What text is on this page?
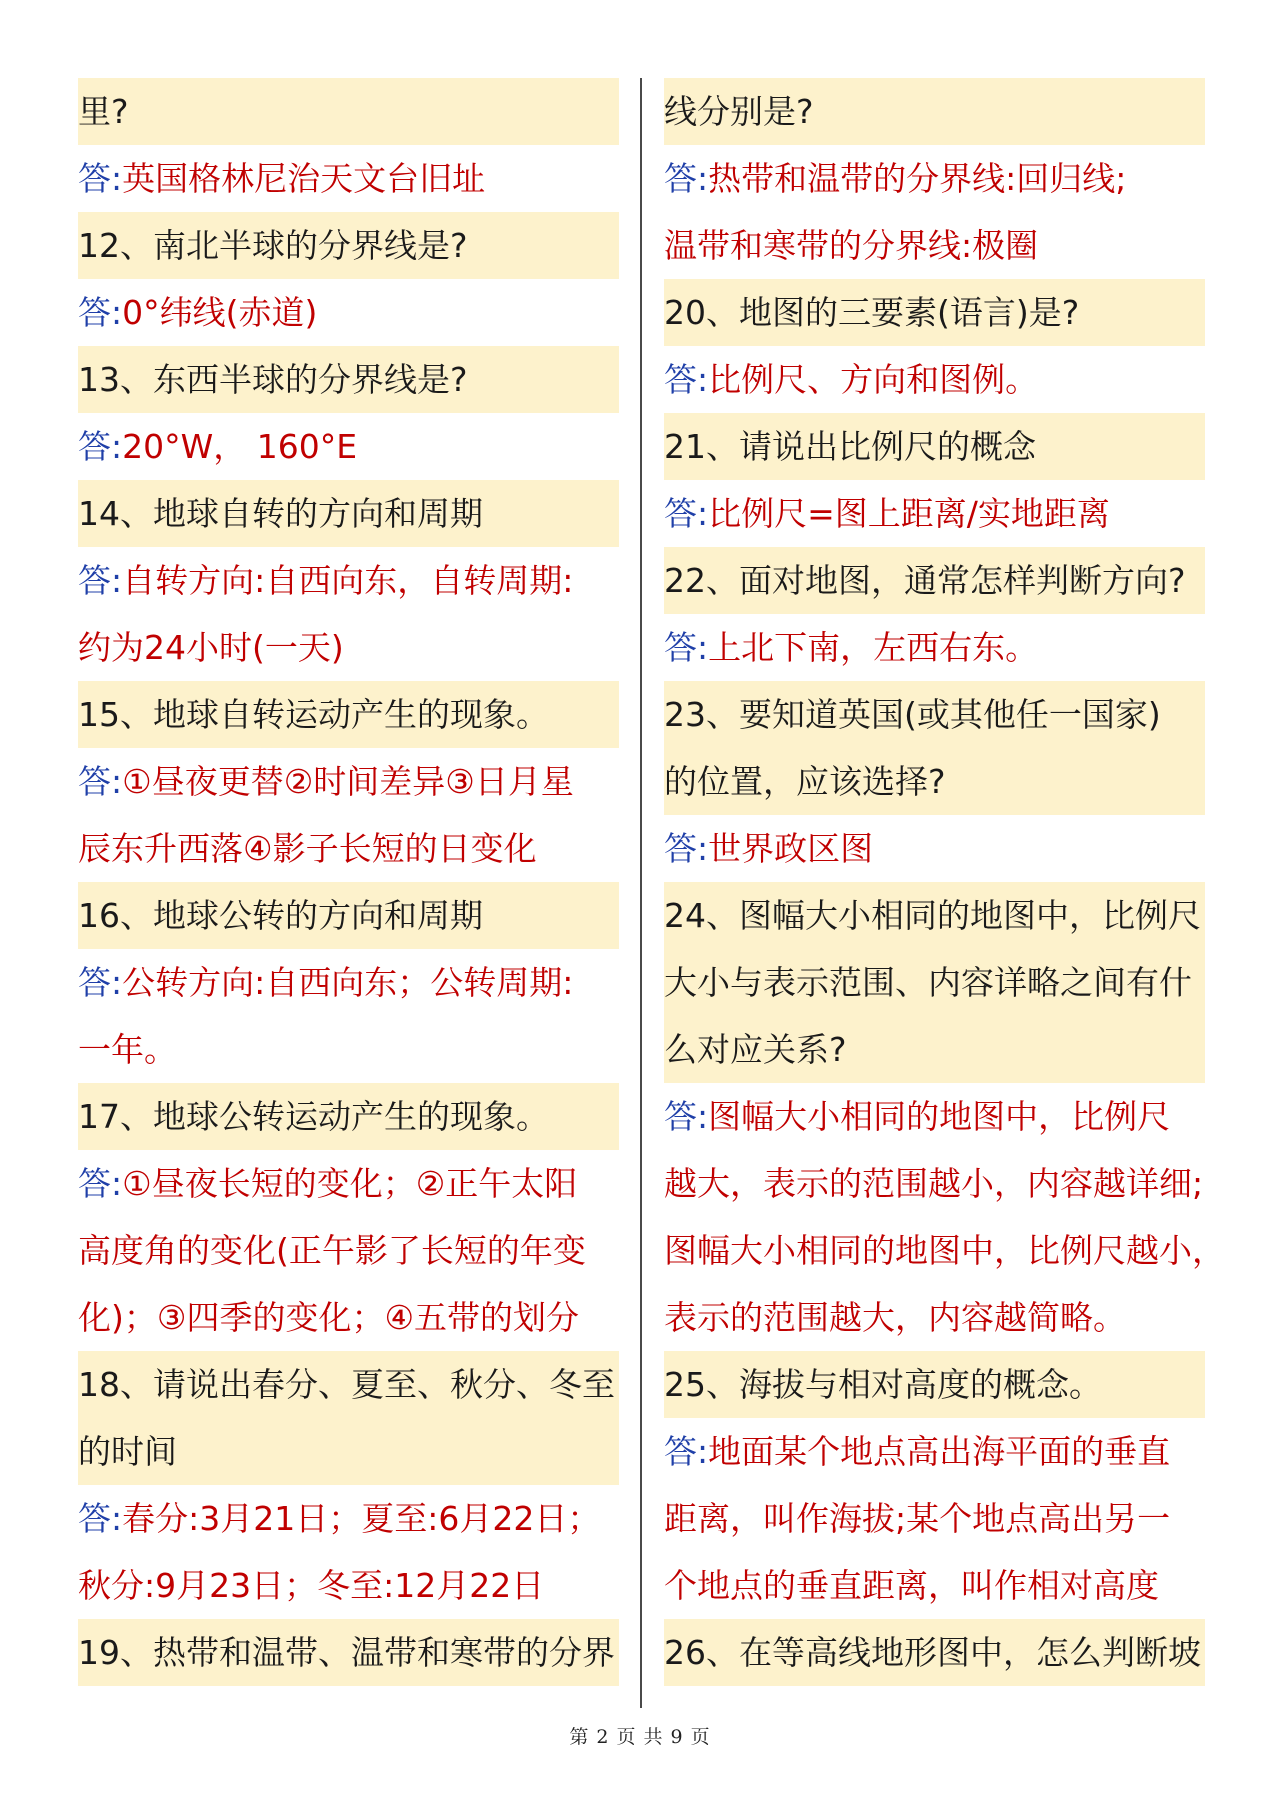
里?
答:英国格林尼治天文台旧址
12、南北半球的分界线是?
答:0°纬线(赤道)
13、东西半球的分界线是?
答:20°W， 160°E
14、地球自转的方向和周期
答:自转方向:自西向东，自转周期:
约为24小时(一天)
15、地球自转运动产生的现象。
答:①昼夜更替②时间差异③日月星
辰东升西落④影子长短的日变化
16、地球公转的方向和周期
答:公转方向:自西向东；公转周期:
一年。
17、地球公转运动产生的现象。
答:①昼夜长短的变化；②正午太阳
高度角的变化(正午影了长短的年变
化)；③四季的变化；④五带的划分
18、请说出春分、夏至、秋分、冬至
的时间
答:春分:3月21日；夏至:6月22日；
秋分:9月23日；冬至:12月22日
19、热带和温带、温带和寒带的分界
线分别是?
答:热带和温带的分界线:回归线;
温带和寒带的分界线:极圈
20、地图的三要素(语言)是?
答:比例尺、方向和图例。
21、请说出比例尺的概念
答:比例尺=图上距离/实地距离
22、面对地图，通常怎样判断方向?
答:上北下南，左西右东。
23、要知道英国(或其他任一国家)
的位置，应该选择?
答:世界政区图
24、图幅大小相同的地图中，比例尺
大小与表示范围、内容详略之间有什
么对应关系?
答:图幅大小相同的地图中，比例尺
越大，表示的范围越小，内容越详细;
图幅大小相同的地图中，比例尺越小，
表示的范围越大，内容越简略。
25、海拔与相对高度的概念。
答:地面某个地点高出海平面的垂直
距离，叫作海拔;某个地点高出另一
个地点的垂直距离，叫作相对高度
26、在等高线地形图中，怎么判断坡
第 2 页 共 9 页
